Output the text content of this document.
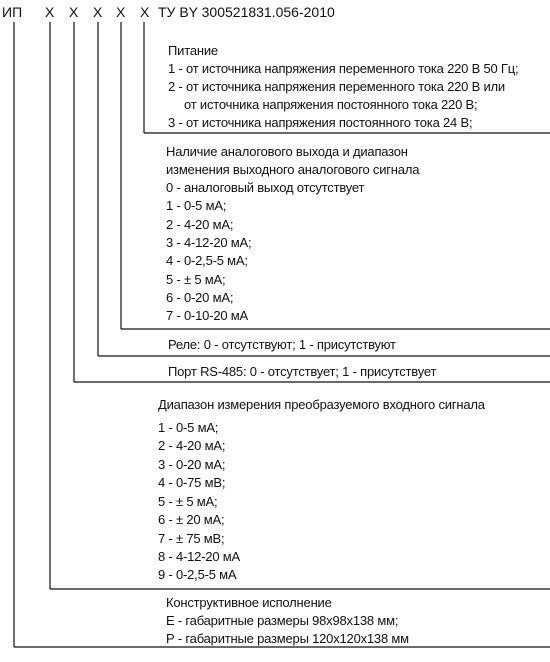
ИП X X X X X ТУ BY 300521831.056-2010
Питание
1 - от источника напряжения переменного тока 220 В 50 Гц;
2 - от источника напряжения переменного тока 220 В или
от источника напряжения постоянного тока 220 В;
3 - от источника напряжения постоянного тока 24 В;
Наличие аналогового выхода и диапазон
изменения выходного аналогового сигнала
0 - аналоговый выход отсутствует
1 - 0-5 мА;
2 - 4-20 мА;
3 - 4-12-20 мА;
4 - 0-2,5-5 мА;
5 - ± 5 мА;
6 - 0-20 мА;
7 - 0-10-20 мА
Реле: 0 - отсутствуют; 1 - присутствуют
Порт RS-485: 0 - отсутствует; 1 - присутствует
Диапазон измерения преобразуемого входного сигнала
1 - 0-5 мА;
2 - 4-20 мА;
3 - 0-20 мА;
4 - 0-75 мВ;
5 - ± 5 мА;
6 - ± 20 мА;
7 - ± 75 мВ;
8 - 4-12-20 мА
9 - 0-2,5-5 мА
Конструктивное исполнение
Е - габаритные размеры 98х98х138 мм;
Р - габаритные размеры 120х120х138 мм
